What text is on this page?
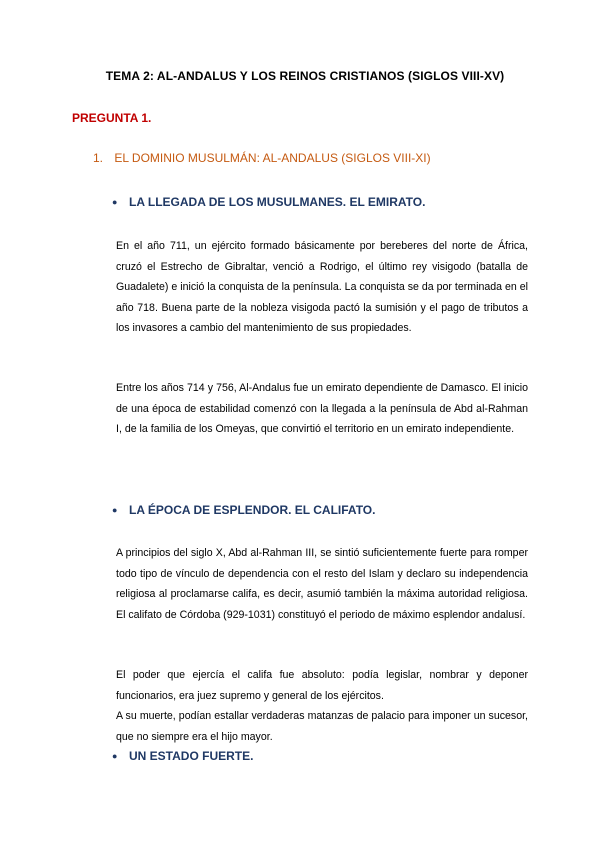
TEMA 2: AL-ANDALUS Y LOS REINOS CRISTIANOS (SIGLOS VIII-XV)
PREGUNTA 1.
1. EL DOMINIO MUSULMÁN: AL-ANDALUS (SIGLOS VIII-XI)
● LA LLEGADA DE LOS MUSULMANES. EL EMIRATO.
En el año 711, un ejército formado básicamente por bereberes del norte de África, cruzó el Estrecho de Gibraltar, venció a Rodrigo, el último rey visigodo (batalla de Guadalete) e inició la conquista de la península. La conquista se da por terminada en el año 718. Buena parte de la nobleza visigoda pactó la sumisión y el pago de tributos a los invasores a cambio del mantenimiento de sus propiedades.
Entre los años 714 y 756, Al-Andalus fue un emirato dependiente de Damasco. El inicio de una época de estabilidad comenzó con la llegada a la península de Abd al-Rahman I, de la familia de los Omeyas, que convirtió el territorio en un emirato independiente.
● LA ÉPOCA DE ESPLENDOR. EL CALIFATO.
A principios del siglo X, Abd al-Rahman III, se sintió suficientemente fuerte para romper todo tipo de vínculo de dependencia con el resto del Islam y declaro su independencia religiosa al proclamarse califa, es decir, asumió también la máxima autoridad religiosa. El califato de Córdoba (929-1031) constituyó el periodo de máximo esplendor andalusí.
El poder que ejercía el califa fue absoluto: podía legislar, nombrar y deponer funcionarios, era juez supremo y general de los ejércitos.
A su muerte, podían estallar verdaderas matanzas de palacio para imponer un sucesor, que no siempre era el hijo mayor.
● UN ESTADO FUERTE.
